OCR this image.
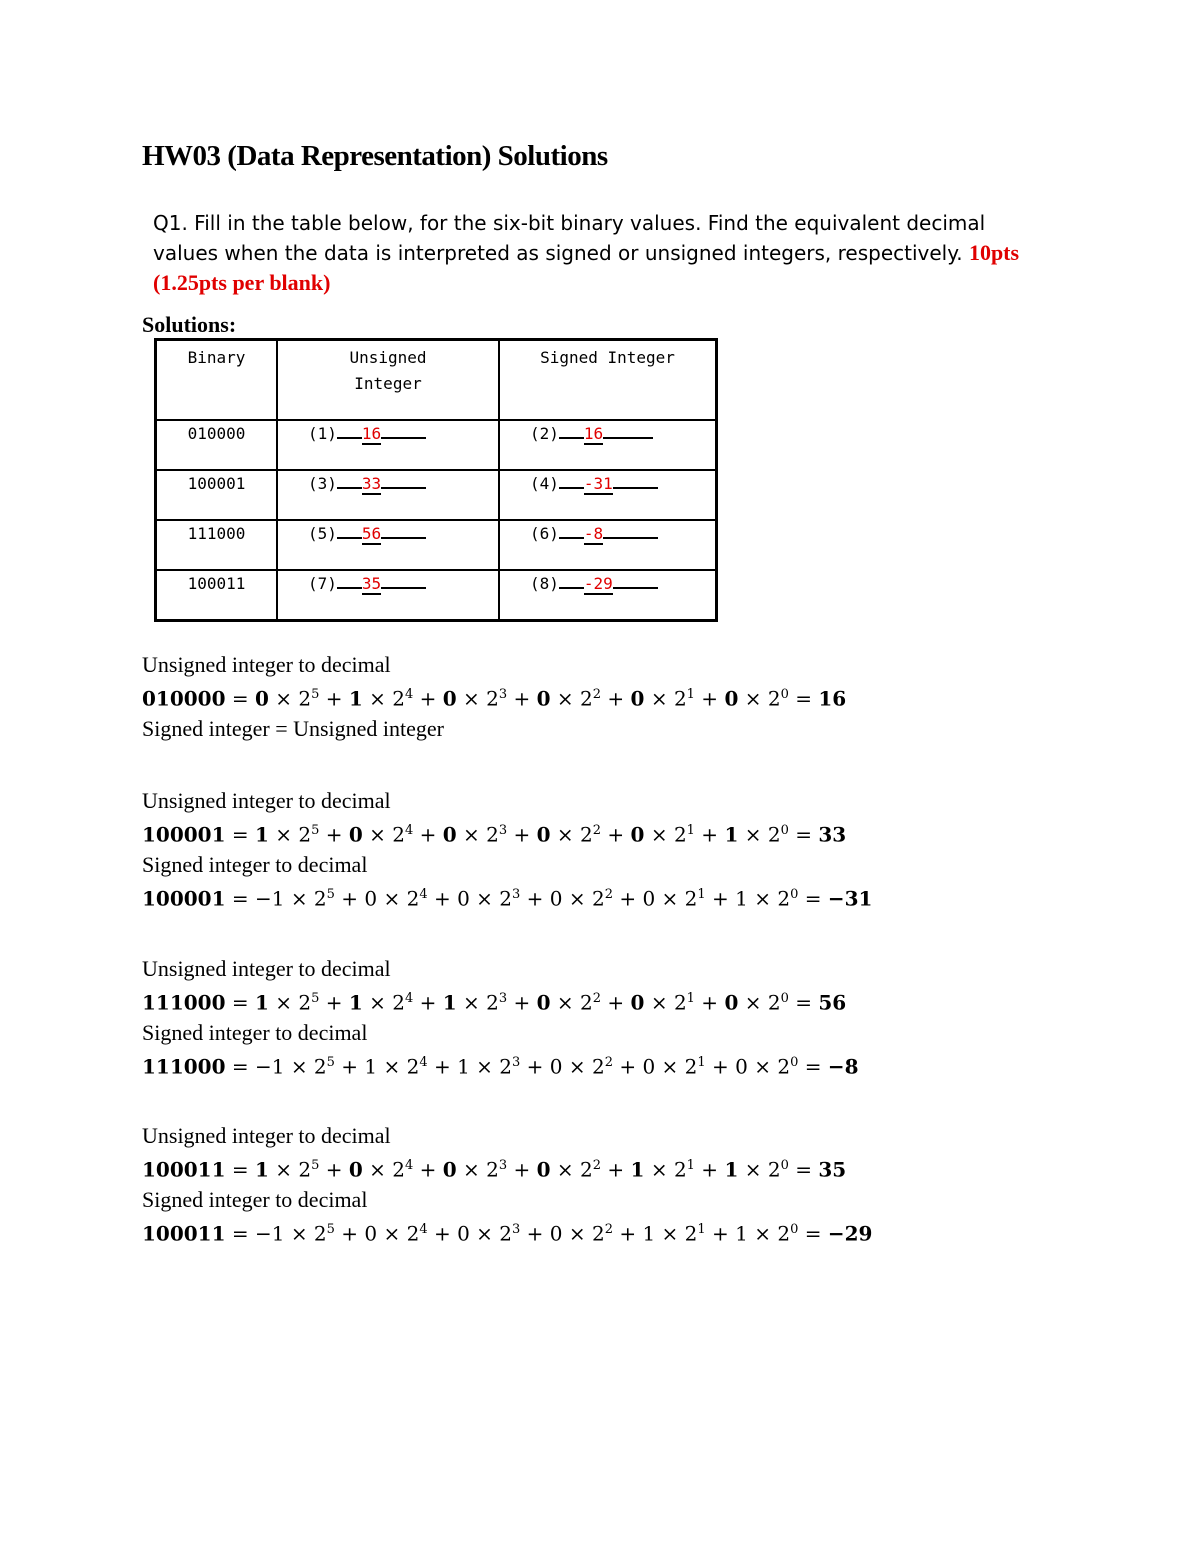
HW03 (Data Representation) Solutions
Q1. Fill in the table below, for the six-bit binary values. Find the equivalent decimal values when the data is interpreted as signed or unsigned integers, respectively. 10pts (1.25pts per blank)
Solutions:
Binary	Unsigned Integer	Signed Integer
010000	(1) 16	(2) 16
100001	(3) 33	(4) -31
111000	(5) 56	(6) -8
100011	(7) 35	(8) -29
Unsigned integer to decimal
$010000 = 0 \times 2^5 + 1 \times 2^4 + 0 \times 2^3 + 0 \times 2^2 + 0 \times 2^1 + 0 \times 2^0 = 16$
Signed integer = Unsigned integer
Unsigned integer to decimal
$100001 = 1 \times 2^5 + 0 \times 2^4 + 0 \times 2^3 + 0 \times 2^2 + 0 \times 2^1 + 1 \times 2^0 = 33$
Signed integer to decimal
$100001 = -1 \times 2^5 + 0 \times 2^4 + 0 \times 2^3 + 0 \times 2^2 + 0 \times 2^1 + 1 \times 2^0 = -31$
Unsigned integer to decimal
$111000 = 1 \times 2^5 + 1 \times 2^4 + 1 \times 2^3 + 0 \times 2^2 + 0 \times 2^1 + 0 \times 2^0 = 56$
Signed integer to decimal
$111000 = -1 \times 2^5 + 1 \times 2^4 + 1 \times 2^3 + 0 \times 2^2 + 0 \times 2^1 + 0 \times 2^0 = -8$
Unsigned integer to decimal
$100011 = 1 \times 2^5 + 0 \times 2^4 + 0 \times 2^3 + 0 \times 2^2 + 1 \times 2^1 + 1 \times 2^0 = 35$
Signed integer to decimal
$100011 = -1 \times 2^5 + 0 \times 2^4 + 0 \times 2^3 + 0 \times 2^2 + 1 \times 2^1 + 1 \times 2^0 = -29$
